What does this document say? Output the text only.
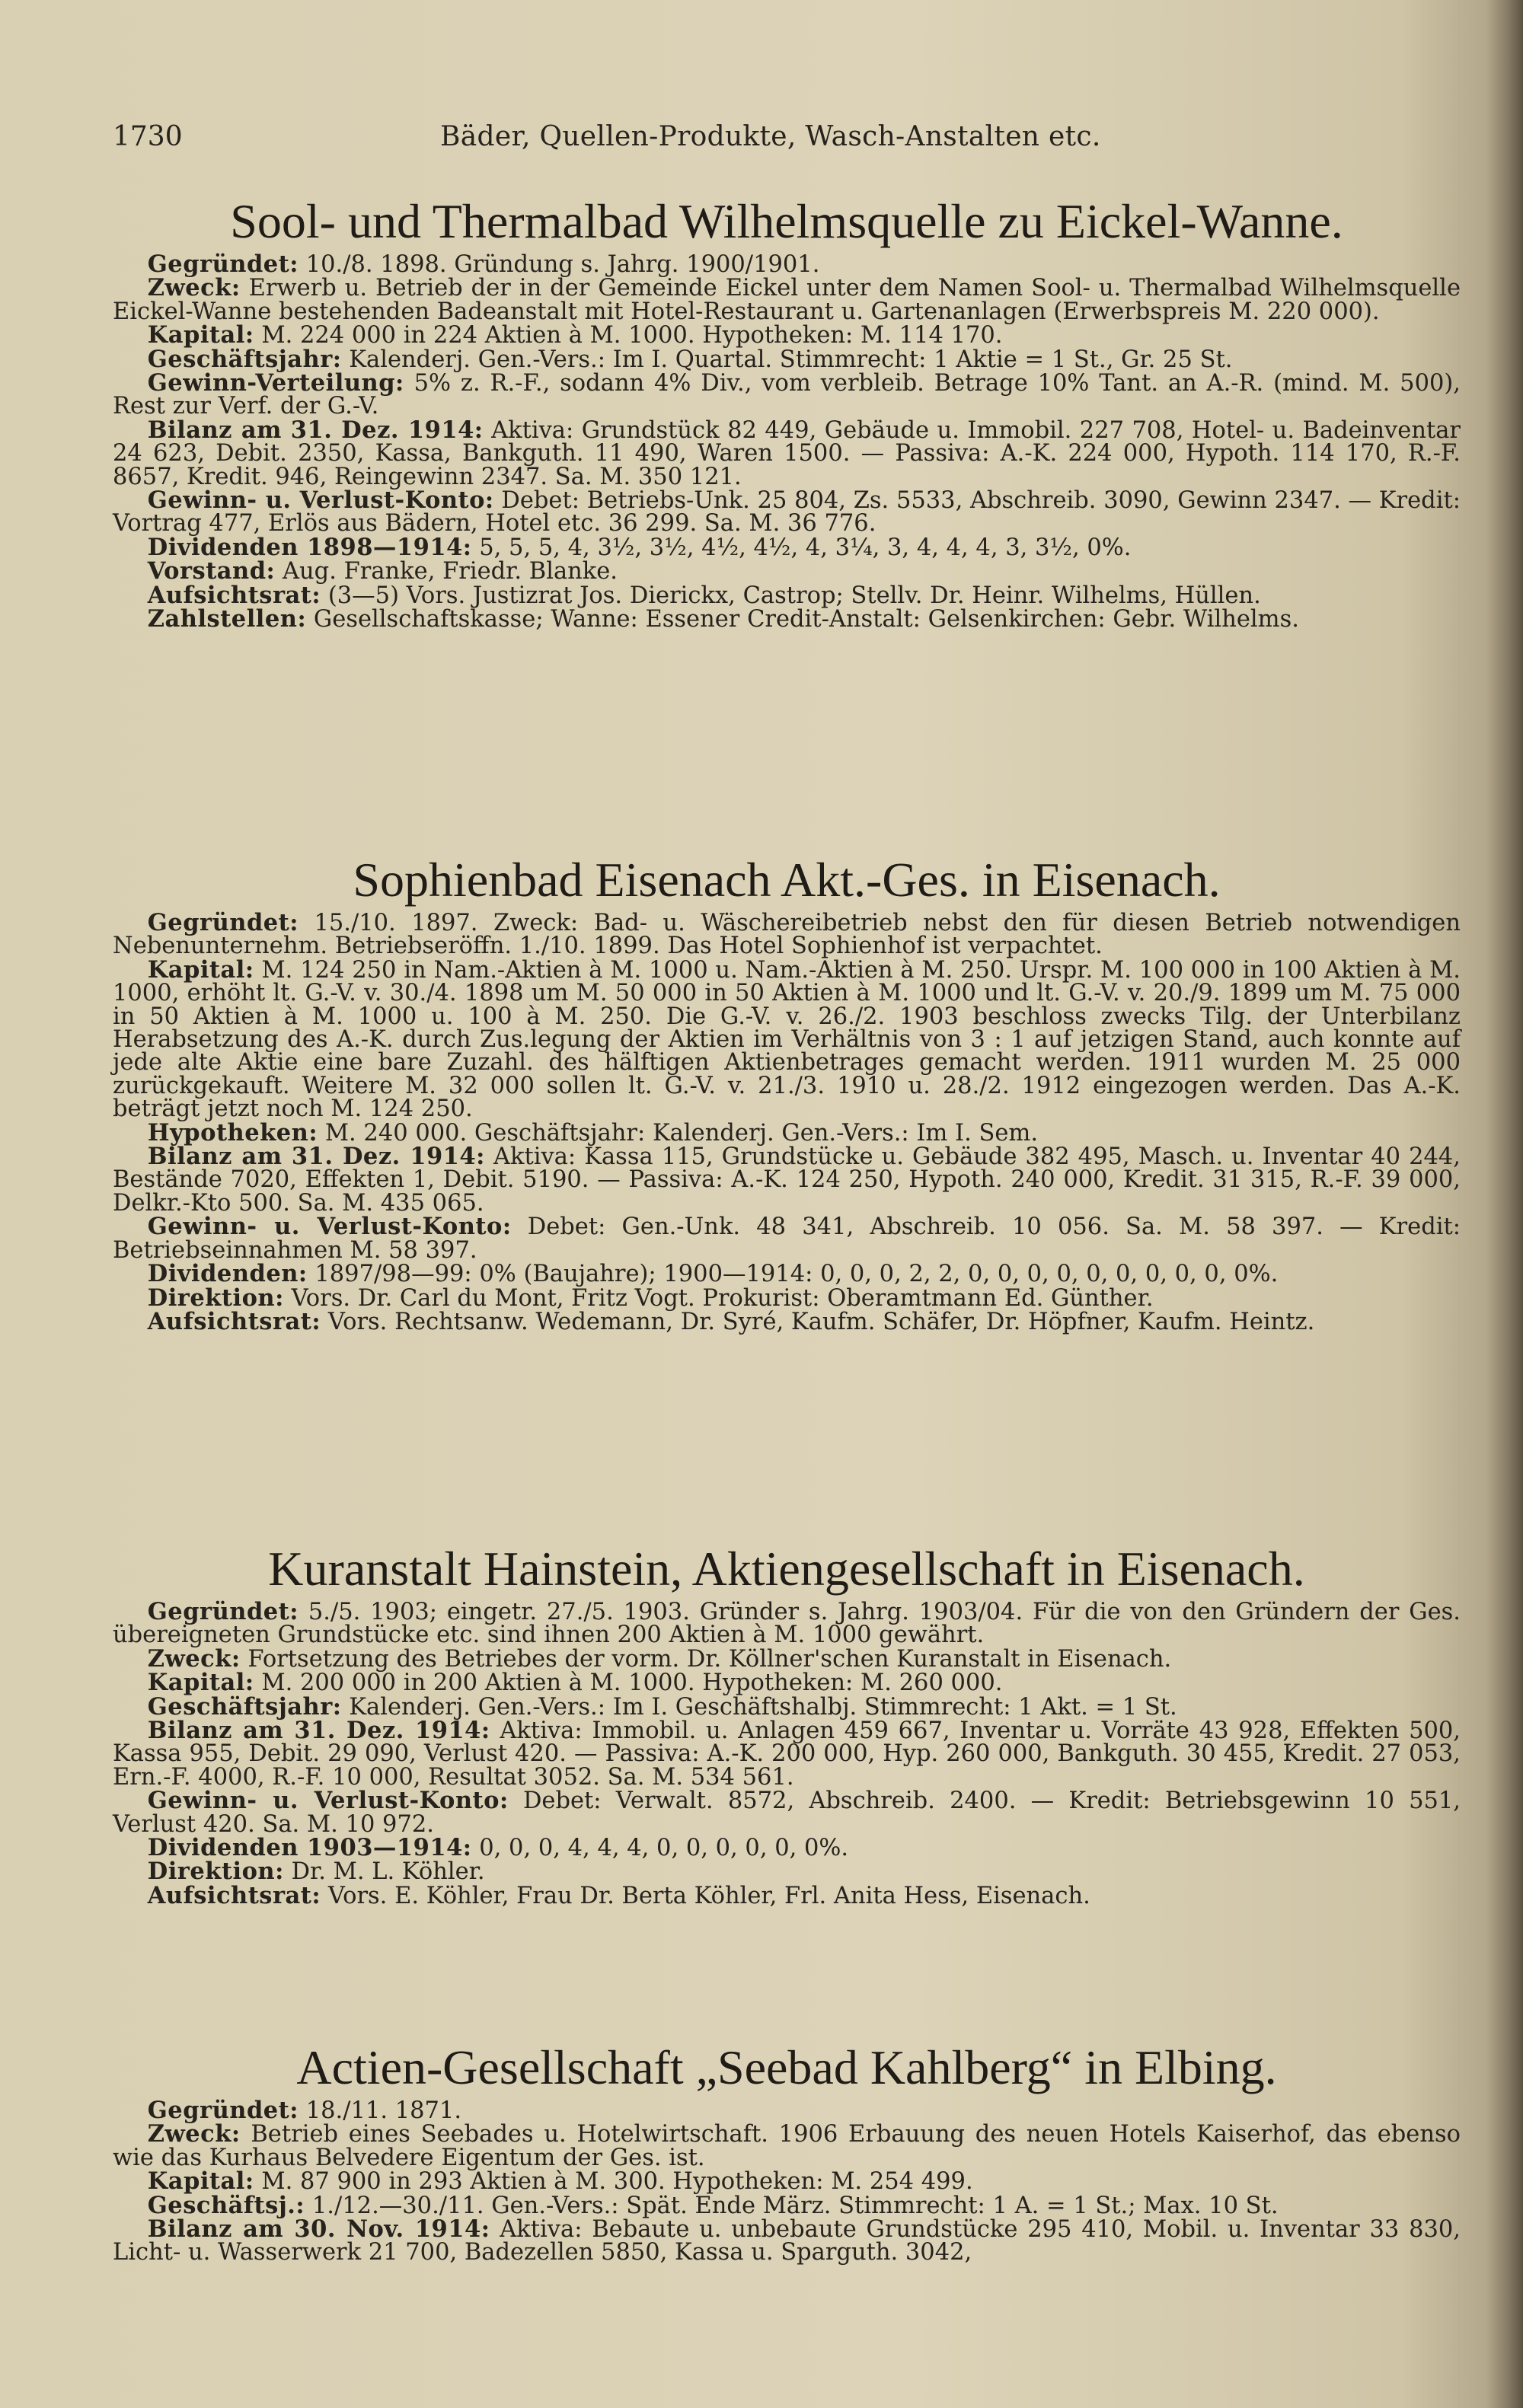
1730	Bäder, Quellen-Produkte, Wasch-Anstalten etc.
Sool- und Thermalbad Wilhelmsquelle zu Eickel-Wanne.

Gegründet: 10./8. 1898. Gründung s. Jahrg. 1900/1901.

Zweck: Erwerb u. Betrieb der in der Gemeinde Eickel unter dem Namen Sool- u. Thermalbad Wilhelmsquelle Eickel-Wanne bestehenden Badeanstalt mit Hotel-Restaurant u. Gartenanlagen (Erwerbspreis M. 220 000).

Kapital: M. 224 000 in 224 Aktien à M. 1000. Hypotheken: M. 114 170.

Geschäftsjahr: Kalenderj. Gen.-Vers.: Im I. Quartal. Stimmrecht: 1 Aktie = 1 St., Gr. 25 St.

Gewinn-Verteilung: 5% z. R.-F., sodann 4% Div., vom verbleib. Betrage 10% Tant. an A.-R. (mind. M. 500), Rest zur Verf. der G.-V.

Bilanz am 31. Dez. 1914: Aktiva: Grundstück 82 449, Gebäude u. Immobil. 227 708, Hotel- u. Badeinventar 24 623, Debit. 2350, Kassa, Bankguth. 11 490, Waren 1500. — Passiva: A.-K. 224 000, Hypoth. 114 170, R.-F. 8657, Kredit. 946, Reingewinn 2347. Sa. M. 350 121.

Gewinn- u. Verlust-Konto: Debet: Betriebs-Unk. 25 804, Zs. 5533, Abschreib. 3090, Gewinn 2347. — Kredit: Vortrag 477, Erlös aus Bädern, Hotel etc. 36 299. Sa. M. 36 776.

Dividenden 1898—1914: 5, 5, 5, 4, 3½, 3½, 4½, 4½, 4, 3¼, 3, 4, 4, 4, 3, 3½, 0%.

Vorstand: Aug. Franke, Friedr. Blanke.

Aufsichtsrat: (3—5) Vors. Justizrat Jos. Dierickx, Castrop; Stellv. Dr. Heinr. Wilhelms, Hüllen.

Zahlstellen: Gesellschaftskasse; Wanne: Essener Credit-Anstalt: Gelsenkirchen: Gebr. Wilhelms.

Sophienbad Eisenach Akt.-Ges. in Eisenach.

Gegründet: 15./10. 1897. Zweck: Bad- u. Wäschereibetrieb nebst den für diesen Betrieb notwendigen Nebenunternehm. Betriebseröffn. 1./10. 1899. Das Hotel Sophienhof ist verpachtet.

Kapital: M. 124 250 in Nam.-Aktien à M. 1000 u. Nam.-Aktien à M. 250. Urspr. M. 100 000 in 100 Aktien à M. 1000, erhöht lt. G.-V. v. 30./4. 1898 um M. 50 000 in 50 Aktien à M. 1000 und lt. G.-V. v. 20./9. 1899 um M. 75 000 in 50 Aktien à M. 1000 u. 100 à M. 250. Die G.-V. v. 26./2. 1903 beschloss zwecks Tilg. der Unterbilanz Herabsetzung des A.-K. durch Zus.legung der Aktien im Verhältnis von 3 : 1 auf jetzigen Stand, auch konnte auf jede alte Aktie eine bare Zuzahl. des hälftigen Aktienbetrages gemacht werden. 1911 wurden M. 25 000 zurückgekauft. Weitere M. 32 000 sollen lt. G.-V. v. 21./3. 1910 u. 28./2. 1912 eingezogen werden. Das A.-K. beträgt jetzt noch M. 124 250.

Hypotheken: M. 240 000. Geschäftsjahr: Kalenderj. Gen.-Vers.: Im I. Sem.

Bilanz am 31. Dez. 1914: Aktiva: Kassa 115, Grundstücke u. Gebäude 382 495, Masch. u. Inventar 40 244, Bestände 7020, Effekten 1, Debit. 5190. — Passiva: A.-K. 124 250, Hypoth. 240 000, Kredit. 31 315, R.-F. 39 000, Delkr.-Kto 500. Sa. M. 435 065.

Gewinn- u. Verlust-Konto: Debet: Gen.-Unk. 48 341, Abschreib. 10 056. Sa. M. 58 397. — Kredit: Betriebseinnahmen M. 58 397.

Dividenden: 1897/98—99: 0% (Baujahre); 1900—1914: 0, 0, 0, 2, 2, 0, 0, 0, 0, 0, 0, 0, 0, 0, 0%.

Direktion: Vors. Dr. Carl du Mont, Fritz Vogt. Prokurist: Oberamtmann Ed. Günther.

Aufsichtsrat: Vors. Rechtsanw. Wedemann, Dr. Syré, Kaufm. Schäfer, Dr. Höpfner, Kaufm. Heintz.

Kuranstalt Hainstein, Aktiengesellschaft in Eisenach.

Gegründet: 5./5. 1903; eingetr. 27./5. 1903. Gründer s. Jahrg. 1903/04. Für die von den Gründern der Ges. übereigneten Grundstücke etc. sind ihnen 200 Aktien à M. 1000 gewährt.

Zweck: Fortsetzung des Betriebes der vorm. Dr. Köllner'schen Kuranstalt in Eisenach.

Kapital: M. 200 000 in 200 Aktien à M. 1000. Hypotheken: M. 260 000.

Geschäftsjahr: Kalenderj. Gen.-Vers.: Im I. Geschäftshalbj. Stimmrecht: 1 Akt. = 1 St.

Bilanz am 31. Dez. 1914: Aktiva: Immobil. u. Anlagen 459 667, Inventar u. Vorräte 43 928, Effekten 500, Kassa 955, Debit. 29 090, Verlust 420. — Passiva: A.-K. 200 000, Hyp. 260 000, Bankguth. 30 455, Kredit. 27 053, Ern.-F. 4000, R.-F. 10 000, Resultat 3052. Sa. M. 534 561.

Gewinn- u. Verlust-Konto: Debet: Verwalt. 8572, Abschreib. 2400. — Kredit: Betriebsgewinn 10 551, Verlust 420. Sa. M. 10 972.

Dividenden 1903—1914: 0, 0, 0, 4, 4, 4, 0, 0, 0, 0, 0, 0%.

Direktion: Dr. M. L. Köhler.

Aufsichtsrat: Vors. E. Köhler, Frau Dr. Berta Köhler, Frl. Anita Hess, Eisenach.

Actien-Gesellschaft „Seebad Kahlberg“ in Elbing.

Gegründet: 18./11. 1871.

Zweck: Betrieb eines Seebades u. Hotelwirtschaft. 1906 Erbauung des neuen Hotels Kaiserhof, das ebenso wie das Kurhaus Belvedere Eigentum der Ges. ist.

Kapital: M. 87 900 in 293 Aktien à M. 300. Hypotheken: M. 254 499.

Geschäftsj.: 1./12.—30./11. Gen.-Vers.: Spät. Ende März. Stimmrecht: 1 A. = 1 St.; Max. 10 St.

Bilanz am 30. Nov. 1914: Aktiva: Bebaute u. unbebaute Grundstücke 295 410, Mobil. u. Inventar 33 830, Licht- u. Wasserwerk 21 700, Badezellen 5850, Kassa u. Sparguth. 3042,
